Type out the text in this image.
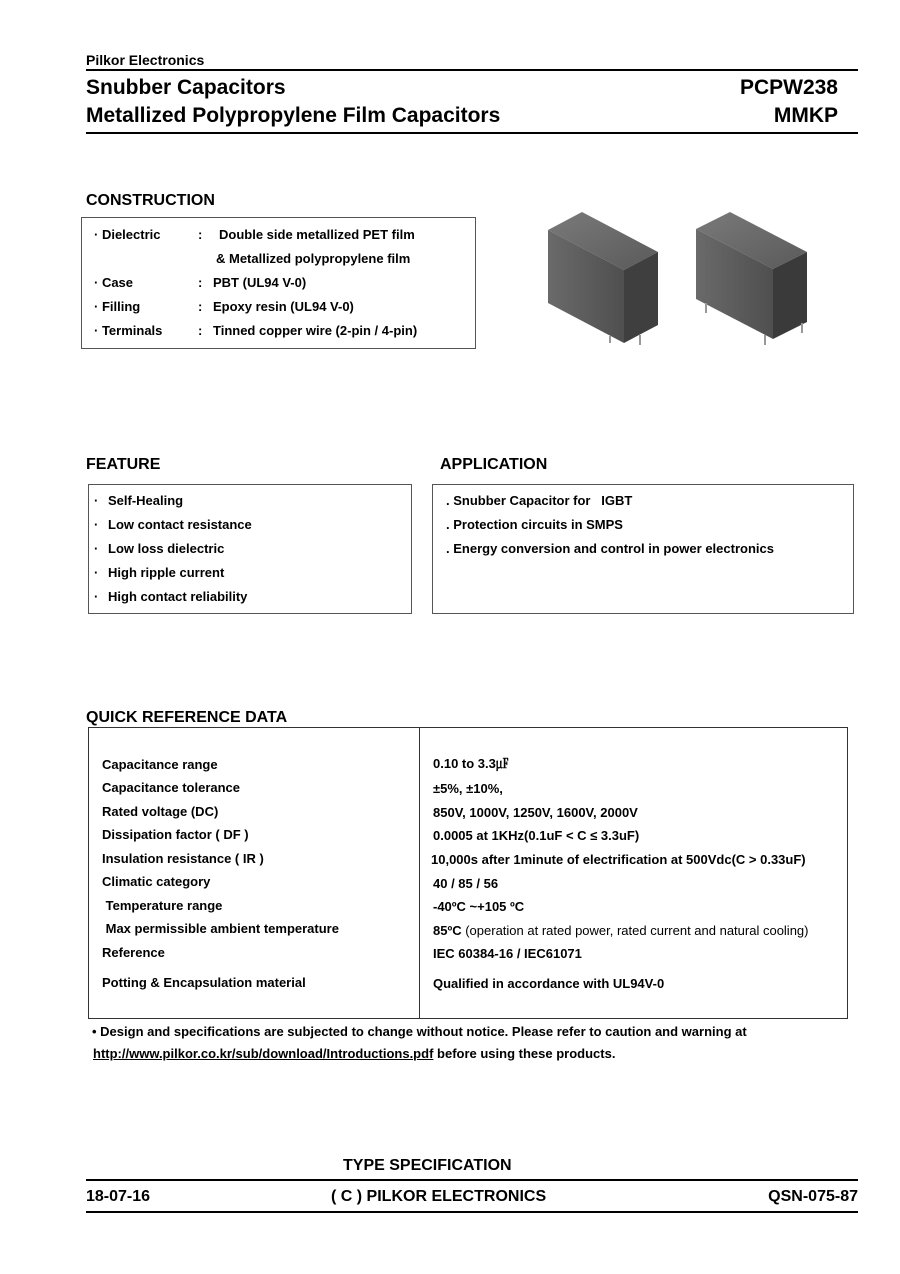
Pilkor Electronics
Snubber Capacitors
Metallized Polypropylene Film Capacitors
PCPW238
MMKP
CONSTRUCTION
· Dielectric	: Double side metallized PET film
& Metallized polypropylene film
· Case	: PBT (UL94 V-0)
· Filling	: Epoxy resin (UL94 V-0)
· Terminals	: Tinned copper wire (2-pin / 4-pin)
FEATURE
· Self-Healing
· Low contact resistance
· Low loss dielectric
· High ripple current
· High contact reliability
APPLICATION
. Snubber Capacitor for   IGBT
. Protection circuits in SMPS
. Energy conversion and control in power electronics
QUICK REFERENCE DATA
Capacitance range	0.10 to 3.3㎌
Capacitance tolerance	±5%, ±10%,
Rated voltage (DC)	850V, 1000V, 1250V, 1600V, 2000V
Dissipation factor ( DF )	0.0005 at 1KHz(0.1uF < C ≤ 3.3uF)
Insulation resistance ( IR )	10,000s after 1minute of electrification at 500Vdc(C > 0.33uF)
Climatic category	40 / 85 / 56
Temperature range	-40ºC ~+105 ºC
Max permissible ambient temperature	85ºC (operation at rated power, rated current and natural cooling)
Reference	IEC 60384-16 / IEC61071
Potting & Encapsulation material	Qualified in accordance with UL94V-0
• Design and specifications are subjected to change without notice. Please refer to caution and warning at
http://www.pilkor.co.kr/sub/download/Introductions.pdf before using these products.
TYPE SPECIFICATION
18-07-16	( C ) PILKOR ELECTRONICS	QSN-075-87
